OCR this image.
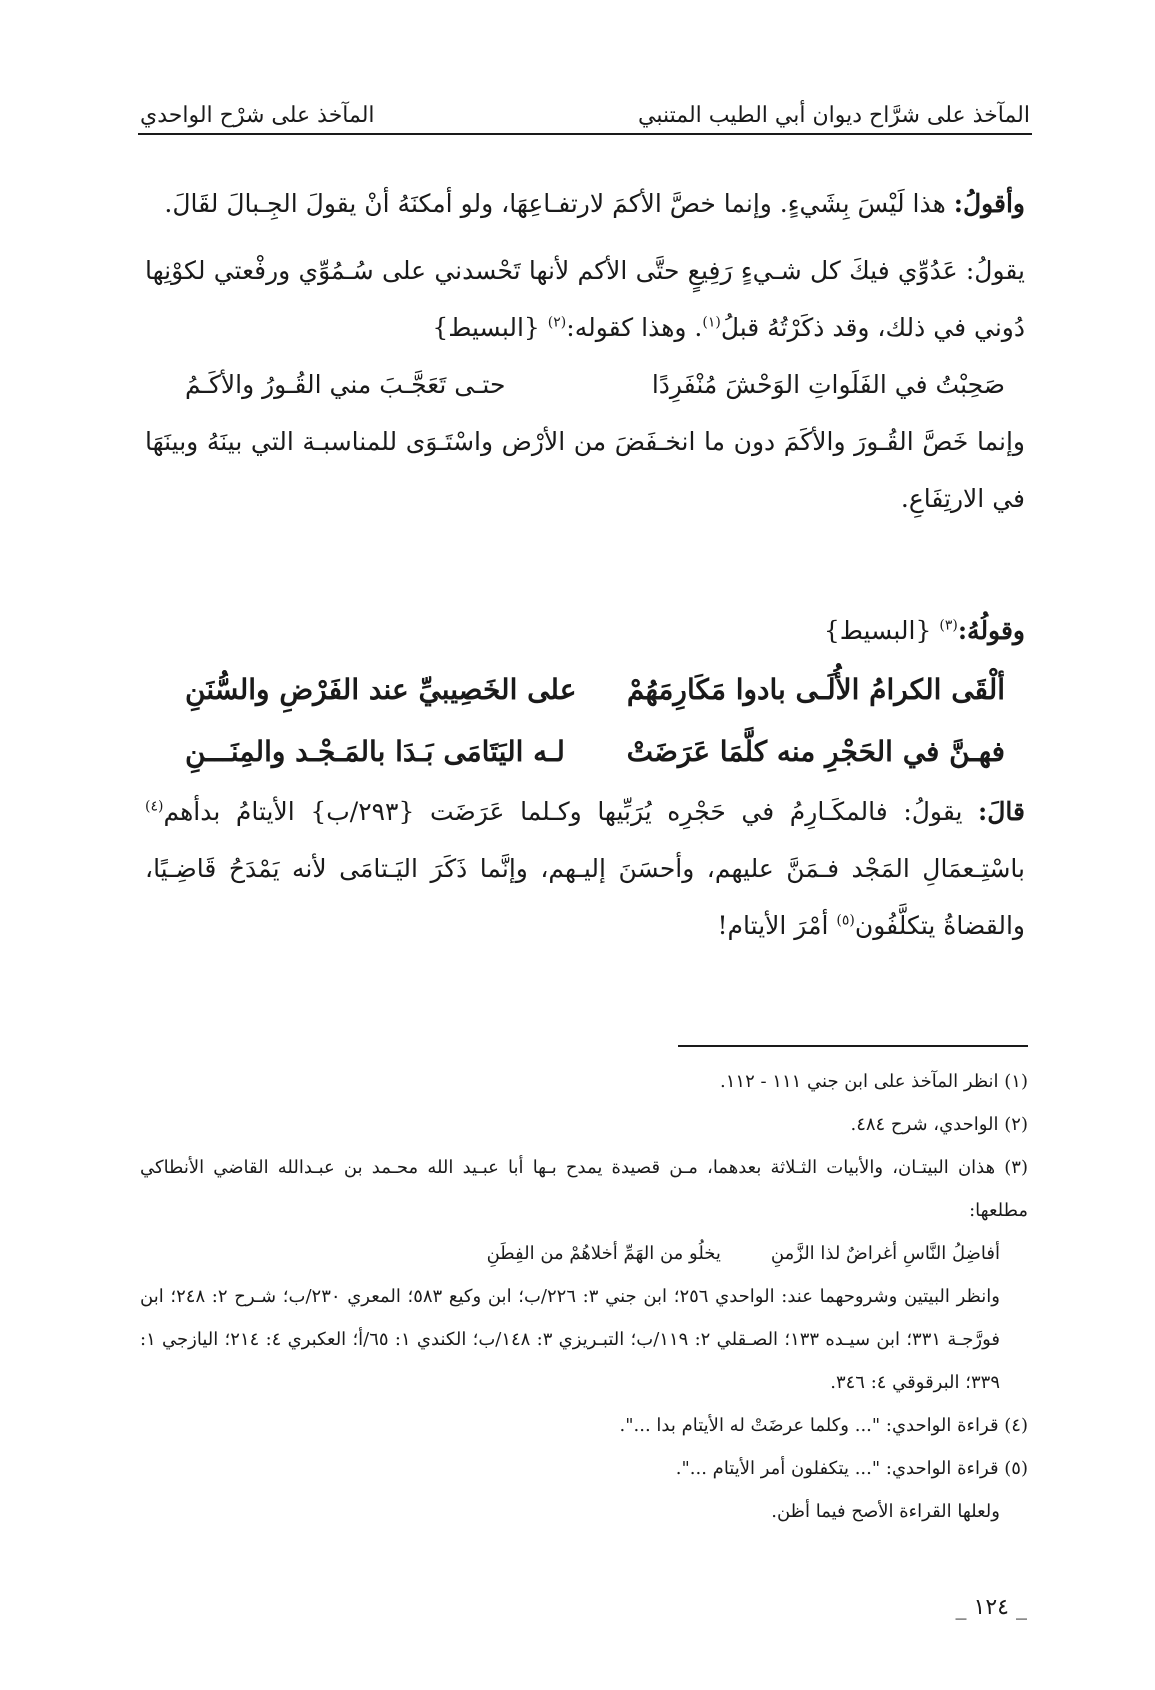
المآخذ على شرَّاح ديوان أبي الطيب المتنبي
المآخذ على شرْح الواحدي

وأقولُ: هذا لَيْسَ بِشَيءٍ. وإنما خصَّ الأكمَ لارتفـاعِهَا، ولو أمكنَهُ أنْ يقولَ الجِـبالَ لقَالَ.

يقولُ: عَدُوِّي فيكَ كل شـيءٍ رَفِيعٍ حتَّى الأكم لأنها تَحْسدني على سُـمُوِّي ورفْعتي لكوْنِها دُوني في ذلك، وقد ذكَرْتُهُ قبلُ$^{(١)}$. وهذا كقوله:$^{(٢)}$ {البسيط}

صَحِبْتُ في الفَلَواتِ الوَحْشَ مُنْفَرِدًا
حتـى تَعَجَّـبَ مني القُـورُ والأكَـمُ

وإنما خَصَّ القُـورَ والأكَمَ دون ما انخـفَضَ من الأرْض واسْتَـوَى للمناسبـة التي بينَهُ وبينَهَا في الارتِفَاعِ.

وقولُهُ:$^{(٣)}$ {البسيط}

ألْقَى الكرامُ الأُلَـى بادوا مَكَارِمَهُمْ
على الخَصِيبيِّ عند الفَرْضِ والسُّنَنِ
فهـنَّ في الحَجْرِ منه كلَّمَا عَرَضَتْ
لـه اليَتَامَى بَـدَا بالمَـجْـد والمِنَـــنِ

قالَ: يقولُ: فالمكَـارِمُ في حَجْرِه يُرَبِّيها وكـلما عَرَضَت {٢٩٣/ب} الأيتامُ بدأهم$^{(٤)}$ باسْتِـعمَالِ المَجْد فـمَنَّ عليهم، وأحسَنَ إليـهم، وإنَّما ذَكَرَ اليَـتامَى لأنه يَمْدَحُ قَاضِـيًا، والقضاةُ يتكلَّفُون$^{(٥)}$ أمْرَ الأيتام!

(١) انظر المآخذ على ابن جني ١١١ - ١١٢.

(٢) الواحدي، شرح ٤٨٤.

(٣) هذان البيتـان، والأبيات الثـلاثة بعدهما، مـن قصيدة يمدح بـها أبا عبـيد الله محـمد بن عبـدالله القاضي الأنطاكي مطلعها:

أفاضِلُ النَّاسِ أغراضٌ لذا الزَّمنِ
يخلُو من الهَمِّ أخلاهُمْ من الفِطَنِ

وانظر البيتين وشروحهما عند: الواحدي ٢٥٦؛ ابن جني ٣: ٢٢٦/ب؛ ابن وكيع ٥٨٣؛ المعري ٢٣٠/ب؛ شـرح ٢: ٢٤٨؛ ابن فورَّجـة ٣٣١؛ ابن سيـده ١٣٣؛ الصـقلي ٢: ١١٩/ب؛ التبـريزي ٣: ١٤٨/ب؛ الكندي ١: ٦٥/أ؛ العكبري ٤: ٢١٤؛ اليازجي ١: ٣٣٩؛ البرقوقي ٤: ٣٤٦.

(٤) قراءة الواحدي: "... وكلما عرضَتْ له الأيتام بدا ...".

(٥) قراءة الواحدي: "... يتكفلون أمر الأيتام ...".

ولعلها القراءة الأصح فيما أظن.

_ ١٢٤ _
